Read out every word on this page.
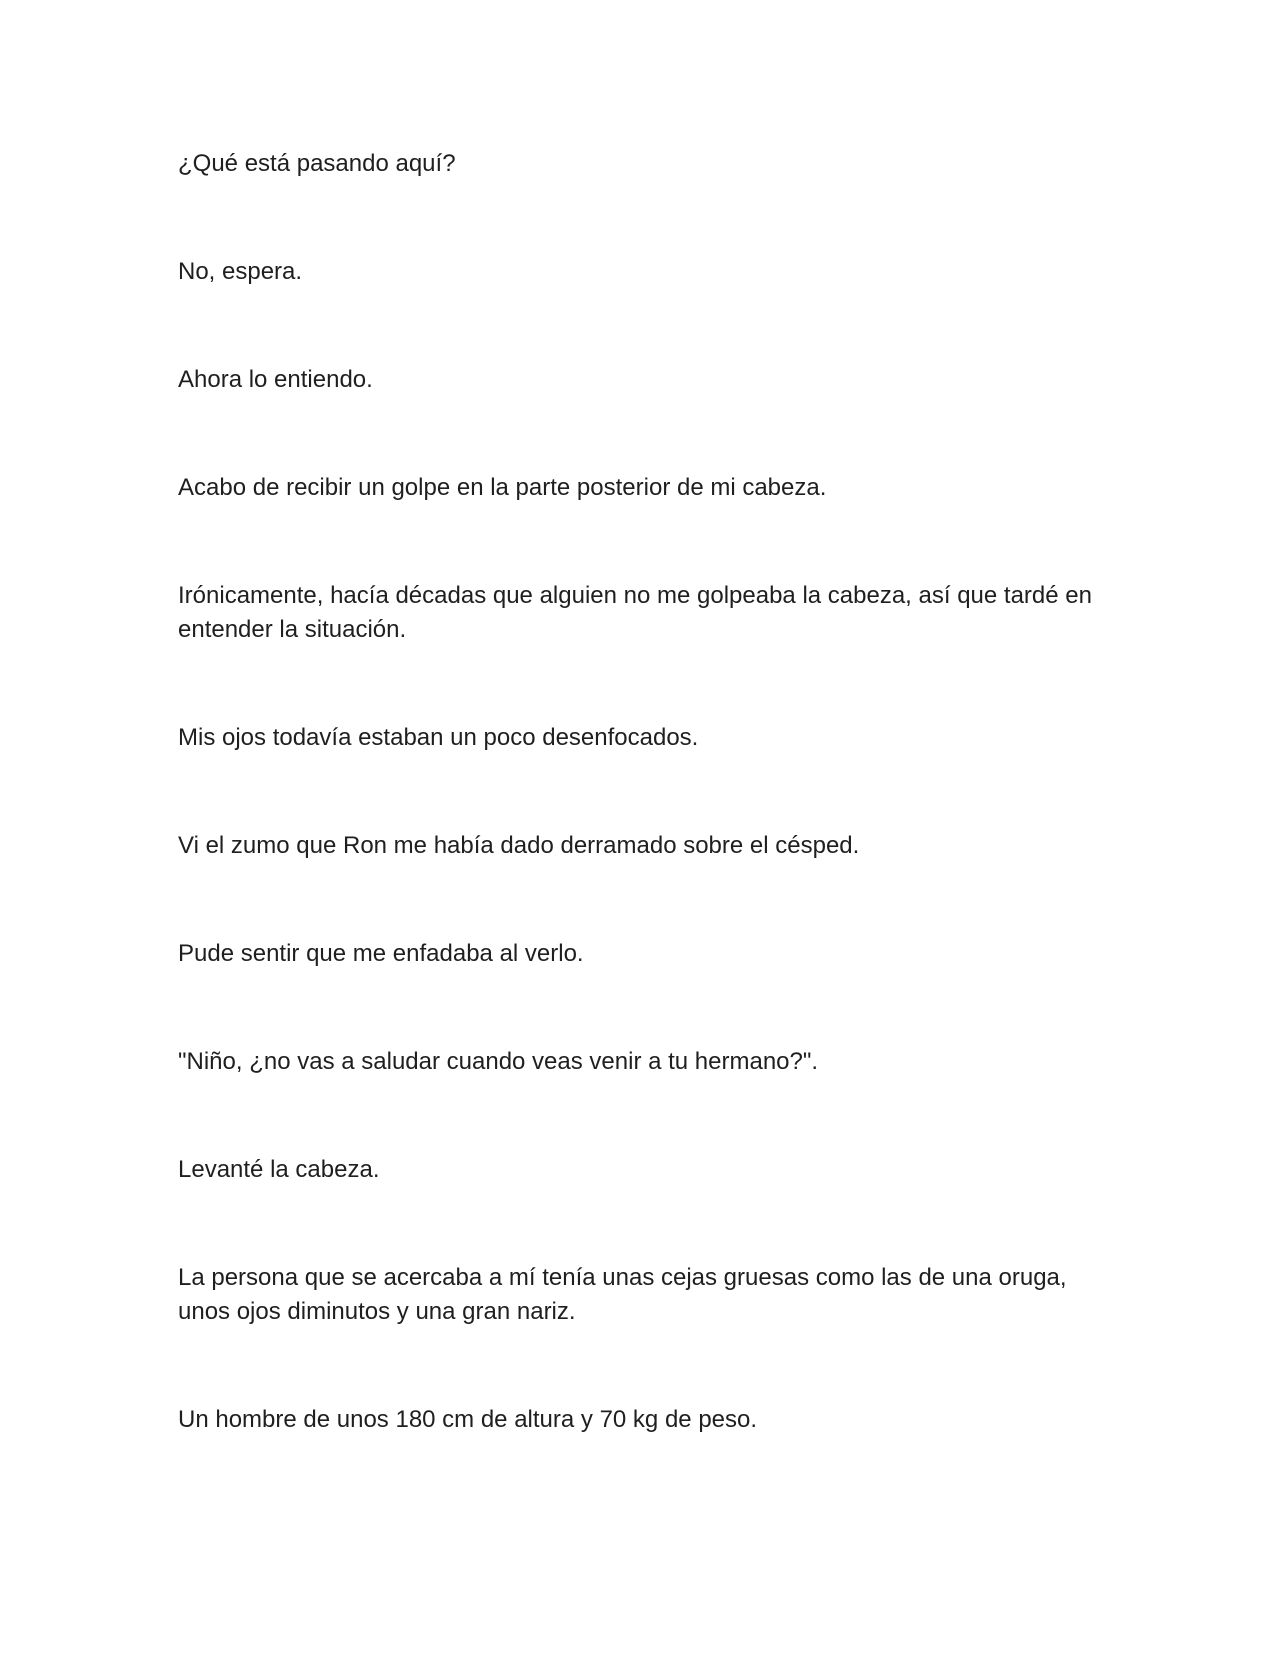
¿Qué está pasando aquí?

No, espera.

Ahora lo entiendo.

Acabo de recibir un golpe en la parte posterior de mi cabeza.

Irónicamente, hacía décadas que alguien no me golpeaba la cabeza, así que tardé en entender la situación.

Mis ojos todavía estaban un poco desenfocados.

Vi el zumo que Ron me había dado derramado sobre el césped.

Pude sentir que me enfadaba al verlo.

"Niño, ¿no vas a saludar cuando veas venir a tu hermano?".

Levanté la cabeza.

La persona que se acercaba a mí tenía unas cejas gruesas como las de una oruga, unos ojos diminutos y una gran nariz.

Un hombre de unos 180 cm de altura y 70 kg de peso.
